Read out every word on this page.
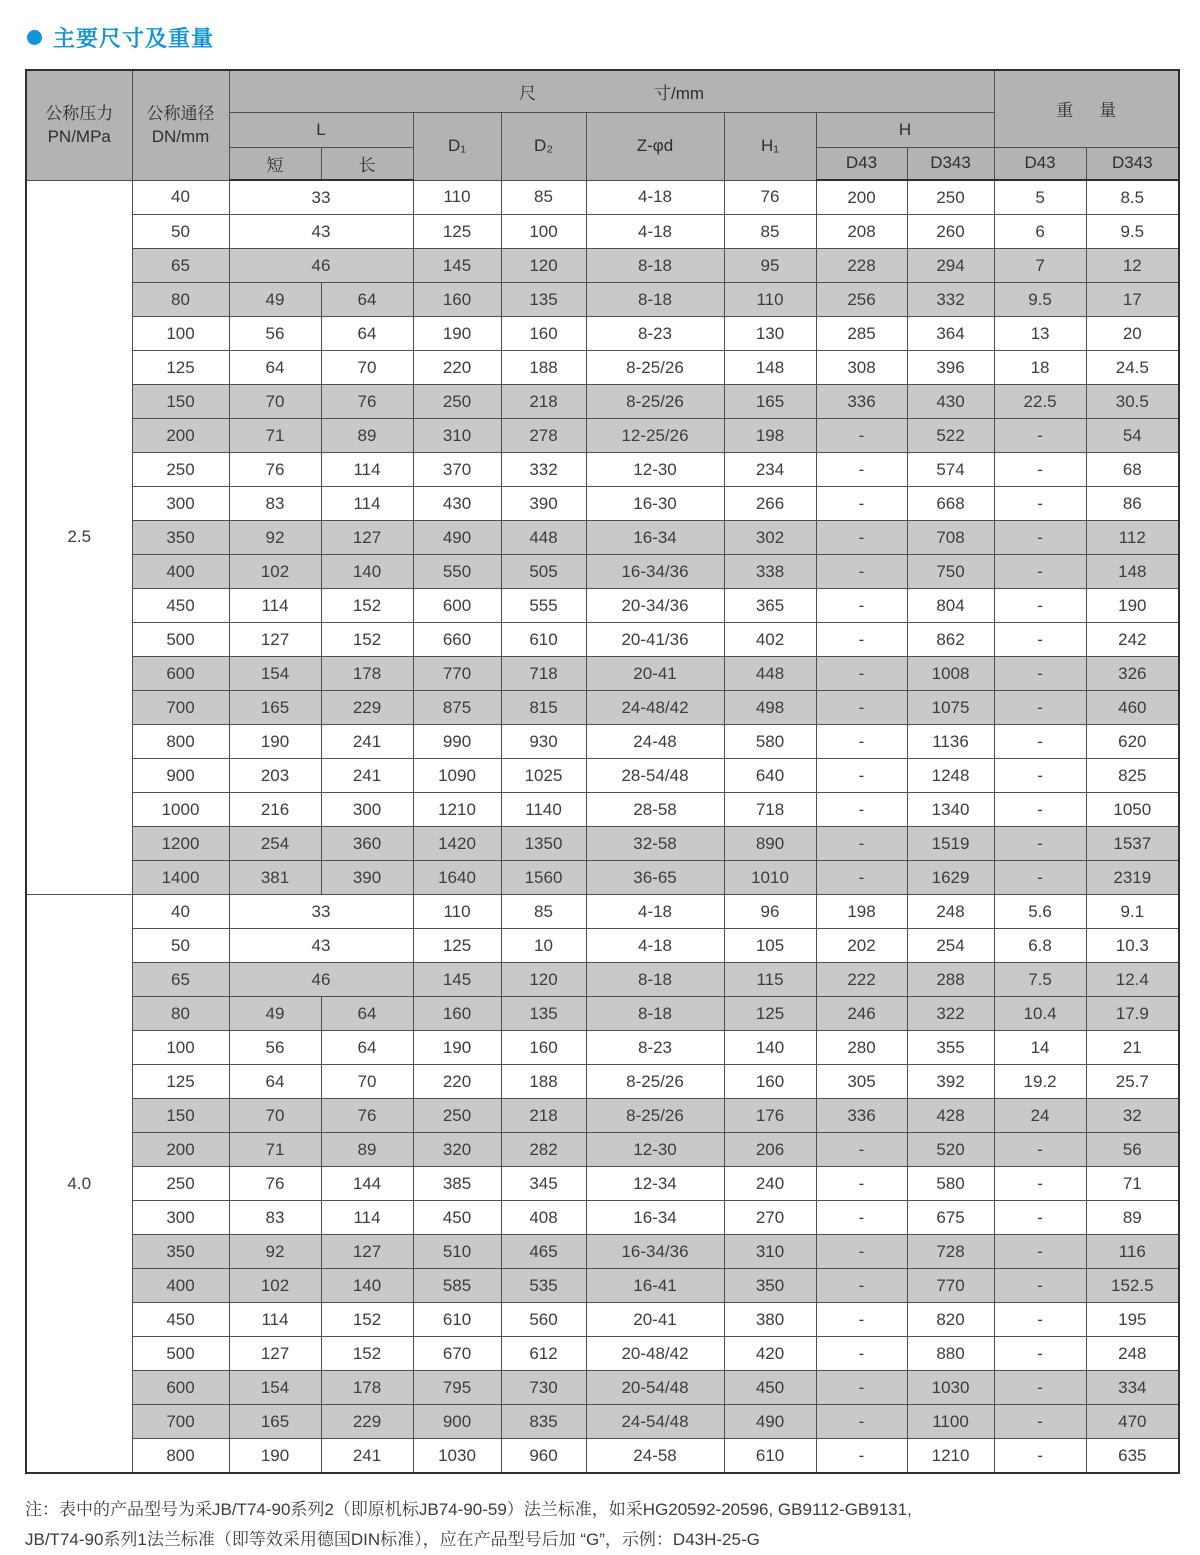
主要尺寸及重量
公称压力
PN/MPa

公称通径
DN/mm

尺	寸/mm

重 量

		L		D₁	D₂	Z-φd	H₁	H			
		短	长					D43	D343	D43	D343
2.5	40	33		110	85	4-18	76	200	250	5	8.5
	50	43		125	100	4-18	85	208	260	6	9.5
	65	46		145	120	8-18	95	228	294	7	12
	80	49	64	160	135	8-18	110	256	332	9.5	17
	100	56	64	190	160	8-23	130	285	364	13	20
	125	64	70	220	188	8-25/26	148	308	396	18	24.5
	150	70	76	250	218	8-25/26	165	336	430	22.5	30.5
	200	71	89	310	278	12-25/26	198	-	522	-	54
	250	76	114	370	332	12-30	234	-	574	-	68
	300	83	114	430	390	16-30	266	-	668	-	86
	350	92	127	490	448	16-34	302	-	708	-	112
	400	102	140	550	505	16-34/36	338	-	750	-	148
	450	114	152	600	555	20-34/36	365	-	804	-	190
	500	127	152	660	610	20-41/36	402	-	862	-	242
	600	154	178	770	718	20-41	448	-	1008	-	326
	700	165	229	875	815	24-48/42	498	-	1075	-	460
	800	190	241	990	930	24-48	580	-	1136	-	620
	900	203	241	1090	1025	28-54/48	640	-	1248	-	825
	1000	216	300	1210	1140	28-58	718	-	1340	-	1050
	1200	254	360	1420	1350	32-58	890	-	1519	-	1537
	1400	381	390	1640	1560	36-65	1010	-	1629	-	2319
4.0	40	33		110	85	4-18	96	198	248	5.6	9.1
	50	43		125	10	4-18	105	202	254	6.8	10.3
	65	46		145	120	8-18	115	222	288	7.5	12.4
	80	49	64	160	135	8-18	125	246	322	10.4	17.9
	100	56	64	190	160	8-23	140	280	355	14	21
	125	64	70	220	188	8-25/26	160	305	392	19.2	25.7
	150	70	76	250	218	8-25/26	176	336	428	24	32
	200	71	89	320	282	12-30	206	-	520	-	56
	250	76	144	385	345	12-34	240	-	580	-	71
	300	83	114	450	408	16-34	270	-	675	-	89
	350	92	127	510	465	16-34/36	310	-	728	-	116
	400	102	140	585	535	16-41	350	-	770	-	152.5
	450	114	152	610	560	20-41	380	-	820	-	195
	500	127	152	670	612	20-48/42	420	-	880	-	248
	600	154	178	795	730	20-54/48	450	-	1030	-	334
	700	165	229	900	835	24-54/48	490	-	1100	-	470
	800	190	241	1030	960	24-58	610	-	1210	-	635
注：表中的产品型号为采JB/T74-90系列2（即原机标JB74-90-59）法兰标准，如采HG20592-20596, GB9112-GB9131,
JB/T74-90系列1法兰标准（即等效采用德国DIN标准），应在产品型号后加 “G”，示例：D43H-25-G
